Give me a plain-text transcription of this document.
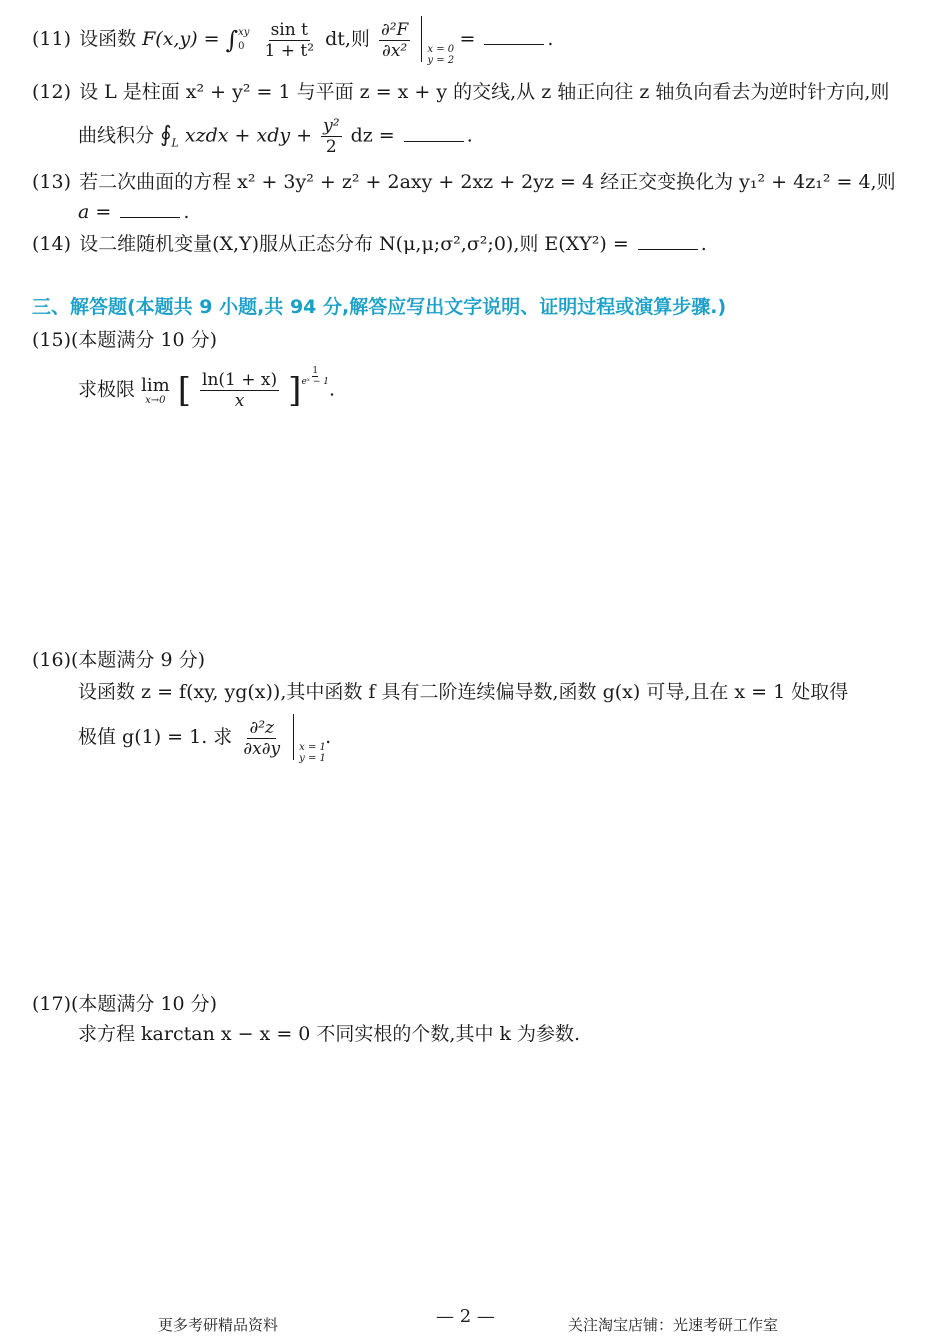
(11) 设函数 F(x,y) = ∫ xy
0
$\frac{\text{sin t}}{\text{1 + t²}}$ dt,则 $\frac{\text{∂²F}}{\text{∂x²}}$
x = 0
y = 2
=	.
(12) 设 L 是柱面 x² + y² = 1 与平面 z = x + y 的交线,从 z 轴正向往 z 轴负向看去为逆时针方向,则
曲线积分 $∮_L$ xzdx + xdy + $\frac{\text{y²}}{2}$ dz =	.
(13) 若二次曲面的方程 x² + 3y² + z² + 2axy + 2xz + 2yz = 4 经正交变换化为 y₁² + 4z₁² = 4,则
a =	.
(14) 设二维随机变量(X,Y)服从正态分布 N(μ,μ;σ²,σ²;0),则 E(XY²) =	.
三、解答题(本题共 9 小题,共 94 分,解答应写出文字说明、证明过程或演算步骤.)
(15)(本题满分 10 分)
求极限 lim
x→0 [ $\frac{\ln(1 + x)}{x}$ ] $\frac{1}{\text{eˣ − 1}}$
.
(16)(本题满分 9 分)
设函数 z = f(xy, yg(x)),其中函数 f 具有二阶连续偏导数,函数 g(x) 可导,且在 x = 1 处取得
极值 g(1) = 1. 求 $\frac{\text{∂²z}}{\partial x\partial y}$
x = 1
y = 1
.
(17)(本题满分 10 分)
求方程 karctan x − x = 0 不同实根的个数,其中 k 为参数.
更多考研精品资料	— 2 —	关注淘宝店铺：光速考研工作室
